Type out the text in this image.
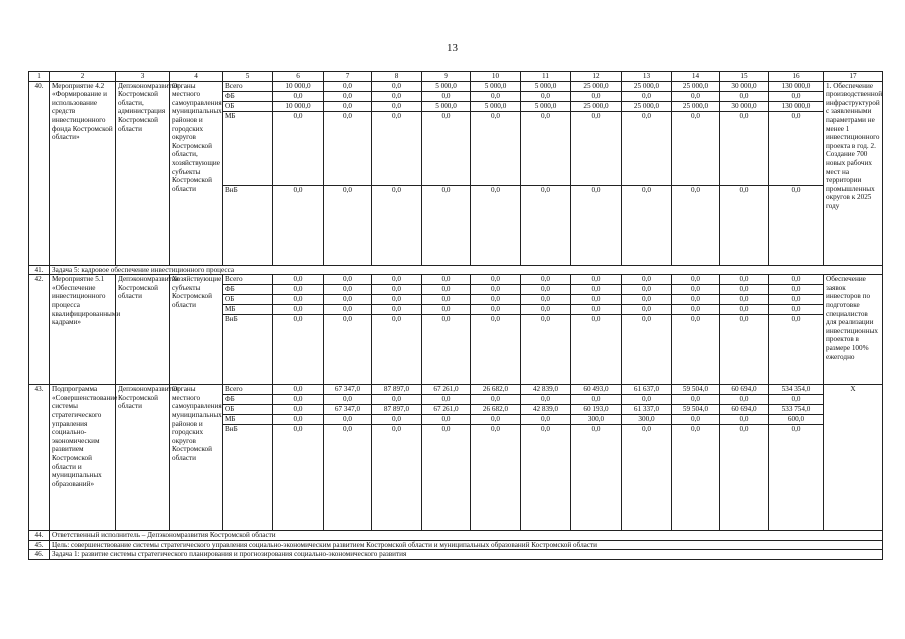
13
1	2	3	4	5	6	7	8	9	10	11	12	13	14	15	16	17
40.	Мероприятие 4.2 «Формирование и использование средств инвестиционного фонда Костромской области»	Депэкономразвития Костромской области, администрация Костромской области	Органы местного самоуправления муниципальных районов и городских округов Костромской области, хозяйствующие субъекты Костромской области	Всего	10 000,0	0,0	0,0	5 000,0	5 000,0	5 000,0	25 000,0	25 000,0	25 000,0	30 000,0	130 000,0	1. Обеспечение производственной инфраструктурой с заявленными параметрами не менее 1 инвестиционного проекта в год. 2. Создание 700 новых рабочих мест на территории промышленных округов к 2025 году
				ФБ	0,0	0,0	0,0	0,0	0,0	0,0	0,0	0,0	0,0	0,0	0,0	
				ОБ	10 000,0	0,0	0,0	5 000,0	5 000,0	5 000,0	25 000,0	25 000,0	25 000,0	30 000,0	130 000,0	
				МБ	0,0	0,0	0,0	0,0	0,0	0,0	0,0	0,0	0,0	0,0	0,0	
				ВнБ	0,0	0,0	0,0	0,0	0,0	0,0	0,0	0,0	0,0	0,0	0,0	
41.	Задача 5: кадровое обеспечение инвестиционного процесса															
42.	Мероприятие 5.1 «Обеспечение инвестиционного процесса квалифицированными кадрами»	Депэкономразвития Костромской области	Хозяйствующие субъекты Костромской области	Всего	0,0	0,0	0,0	0,0	0,0	0,0	0,0	0,0	0,0	0,0	0,0	Обеспечение заявок инвесторов по подготовке специалистов для реализации инвестиционных проектов в размере 100% ежегодно
				ФБ	0,0	0,0	0,0	0,0	0,0	0,0	0,0	0,0	0,0	0,0	0,0	
				ОБ	0,0	0,0	0,0	0,0	0,0	0,0	0,0	0,0	0,0	0,0	0,0	
				МБ	0,0	0,0	0,0	0,0	0,0	0,0	0,0	0,0	0,0	0,0	0,0	
				ВнБ	0,0	0,0	0,0	0,0	0,0	0,0	0,0	0,0	0,0	0,0	0,0	
43.	Подпрограмма «Совершенствование системы стратегического управления социально-экономическим развитием Костромской области и муниципальных образований»	Депэкономразвития Костромской области	Органы местного самоуправления муниципальных районов и городских округов Костромской области	Всего	0,0	67 347,0	87 897,0	67 261,0	26 682,0	42 839,0	60 493,0	61 637,0	59 504,0	60 694,0	534 354,0	Х
				ФБ	0,0	0,0	0,0	0,0	0,0	0,0	0,0	0,0	0,0	0,0	0,0	
				ОБ	0,0	67 347,0	87 897,0	67 261,0	26 682,0	42 839,0	60 193,0	61 337,0	59 504,0	60 694,0	533 754,0	
				МБ	0,0	0,0	0,0	0,0	0,0	0,0	300,0	300,0	0,0	0,0	600,0	
				ВнБ	0,0	0,0	0,0	0,0	0,0	0,0	0,0	0,0	0,0	0,0	0,0	
44.	Ответственный исполнитель – Депэкономразвития Костромской области															
45.	Цель: совершенствование системы стратегического управления социально-экономическим развитием Костромской области и муниципальных образований Костромской области															
46.	Задача 1: развитие системы стратегического планирования и прогнозирования социально-экономического развития															
